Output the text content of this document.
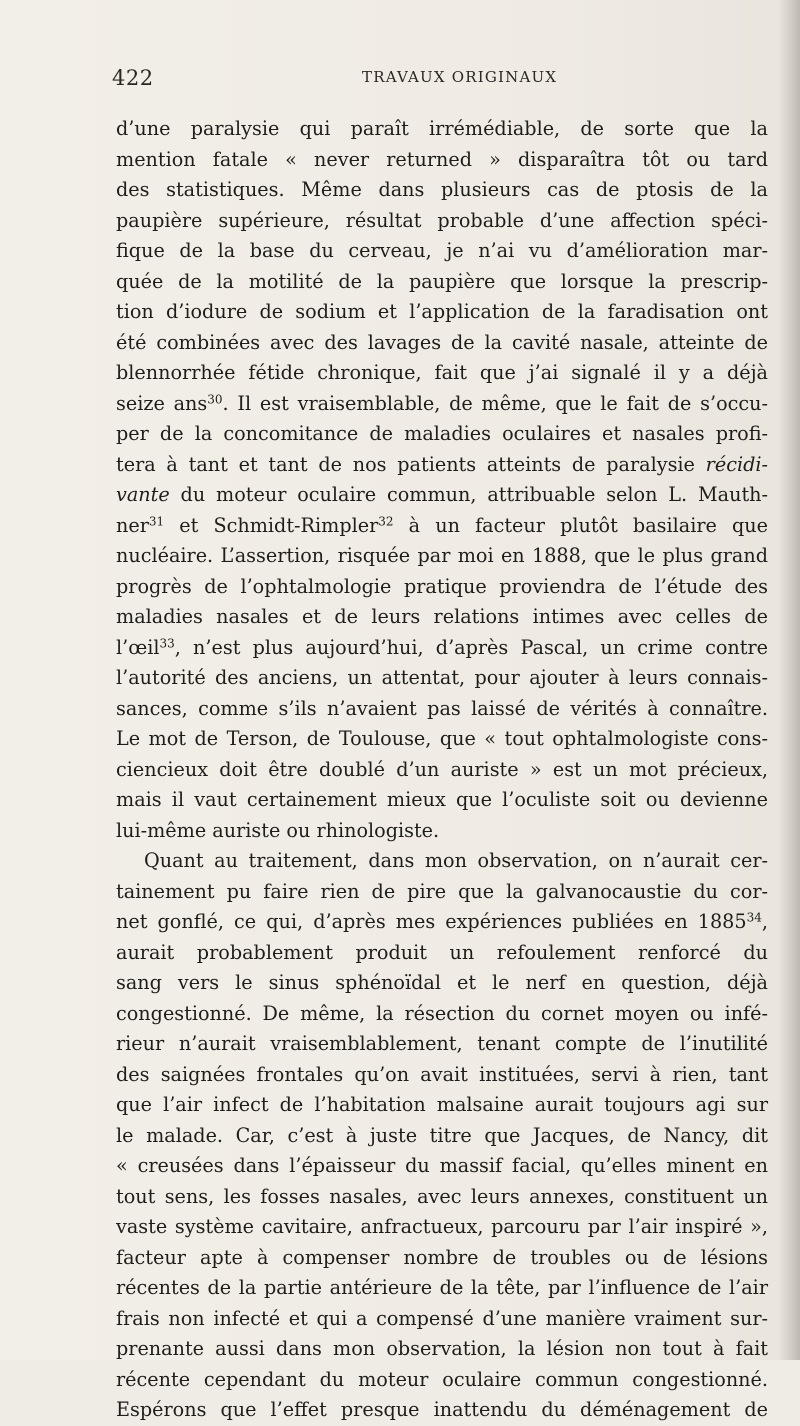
422	TRAVAUX ORIGINAUX
d’une paralysie qui paraît irrémédiable, de sorte que la
mention fatale « never returned » disparaîtra tôt ou tard
des statistiques. Même dans plusieurs cas de ptosis de la
paupière supérieure, résultat probable d’une affection spéci-
fique de la base du cerveau, je n’ai vu d’amélioration mar-
quée de la motilité de la paupière que lorsque la prescrip-
tion d’iodure de sodium et l’application de la faradisation ont
été combinées avec des lavages de la cavité nasale, atteinte de
blennorrhée fétide chronique, fait que j’ai signalé il y a déjà
seize ans$^{30}$. Il est vraisemblable, de même, que le fait de s’occu-
per de la concomitance de maladies oculaires et nasales profi-
tera à tant et tant de nos patients atteints de paralysie récidi-
vante du moteur oculaire commun, attribuable selon L. Mauth-
ner$^{31}$ et Schmidt-Rimpler$^{32}$ à un facteur plutôt basilaire que
nucléaire. L’assertion, risquée par moi en 1888, que le plus grand
progrès de l’ophtalmologie pratique proviendra de l’étude des
maladies nasales et de leurs relations intimes avec celles de
l’œil$^{33}$, n’est plus aujourd’hui, d’après Pascal, un crime contre
l’autorité des anciens, un attentat, pour ajouter à leurs connais-
sances, comme s’ils n’avaient pas laissé de vérités à connaître.
Le mot de Terson, de Toulouse, que « tout ophtalmologiste cons-
ciencieux doit être doublé d’un auriste » est un mot précieux,
mais il vaut certainement mieux que l’oculiste soit ou devienne
lui-même auriste ou rhinologiste.
Quant au traitement, dans mon observation, on n’aurait cer-
tainement pu faire rien de pire que la galvanocaustie du cor-
net gonflé, ce qui, d’après mes expériences publiées en 1885$^{34}$,
aurait probablement produit un refoulement renforcé du
sang vers le sinus sphénoïdal et le nerf en question, déjà
congestionné. De même, la résection du cornet moyen ou infé-
rieur n’aurait vraisemblablement, tenant compte de l’inutilité
des saignées frontales qu’on avait instituées, servi à rien, tant
que l’air infect de l’habitation malsaine aurait toujours agi sur
le malade. Car, c’est à juste titre que Jacques, de Nancy, dit
« creusées dans l’épaisseur du massif facial, qu’elles minent en
tout sens, les fosses nasales, avec leurs annexes, constituent un
vaste système cavitaire, anfractueux, parcouru par l’air inspiré »,
facteur apte à compenser nombre de troubles ou de lésions
récentes de la partie antérieure de la tête, par l’influence de l’air
frais non infecté et qui a compensé d’une manière vraiment sur-
prenante aussi dans mon observation, la lésion non tout à fait
récente cependant du moteur oculaire commun congestionné.
Espérons que l’effet presque inattendu du déménagement de
